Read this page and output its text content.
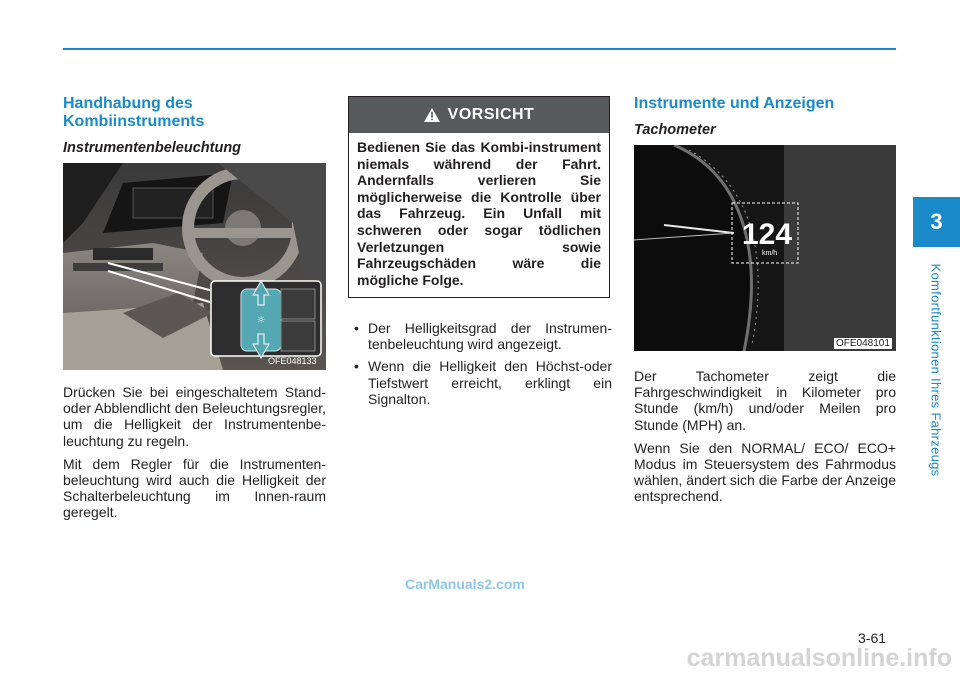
3
Komfortfunktionen Ihres Fahrzeugs
Handhabung des Kombiinstruments
Instrumentenbeleuchtung
☼
OFE048133

Drücken Sie bei eingeschaltetem Stand- oder Abblendlicht den Beleuchtungsregler, um die Helligkeit der Instrumentenbe-leuchtung zu regeln.

Mit dem Regler für die Instrumenten-beleuchtung wird auch die Helligkeit der Schalterbeleuchtung im Innen-raum geregelt.

VORSICHT
Bedienen Sie das Kombi-instrument niemals während der Fahrt. Andernfalls verlieren Sie möglicherweise die Kontrolle über das Fahrzeug. Ein Unfall mit schweren oder sogar tödlichen Verletzungen sowie Fahrzeugschäden wäre die mögliche Folge.
• Der Helligkeitsgrad der Instrumen-tenbeleuchtung wird angezeigt.
• Wenn die Helligkeit den Höchst-oder Tiefstwert erreicht, erklingt ein Signalton.
Instrumente und Anzeigen
Tachometer
124
km/h
OFE048101

Der Tachometer zeigt die Fahrgeschwindigkeit in Kilometer pro Stunde (km/h) und/oder Meilen pro Stunde (MPH) an.

Wenn Sie den NORMAL/ ECO/ ECO+ Modus im Steuersystem des Fahrmodus wählen, ändert sich die Farbe der Anzeige entsprechend.

CarManuals2.com
3-61
carmanualsonline.info
